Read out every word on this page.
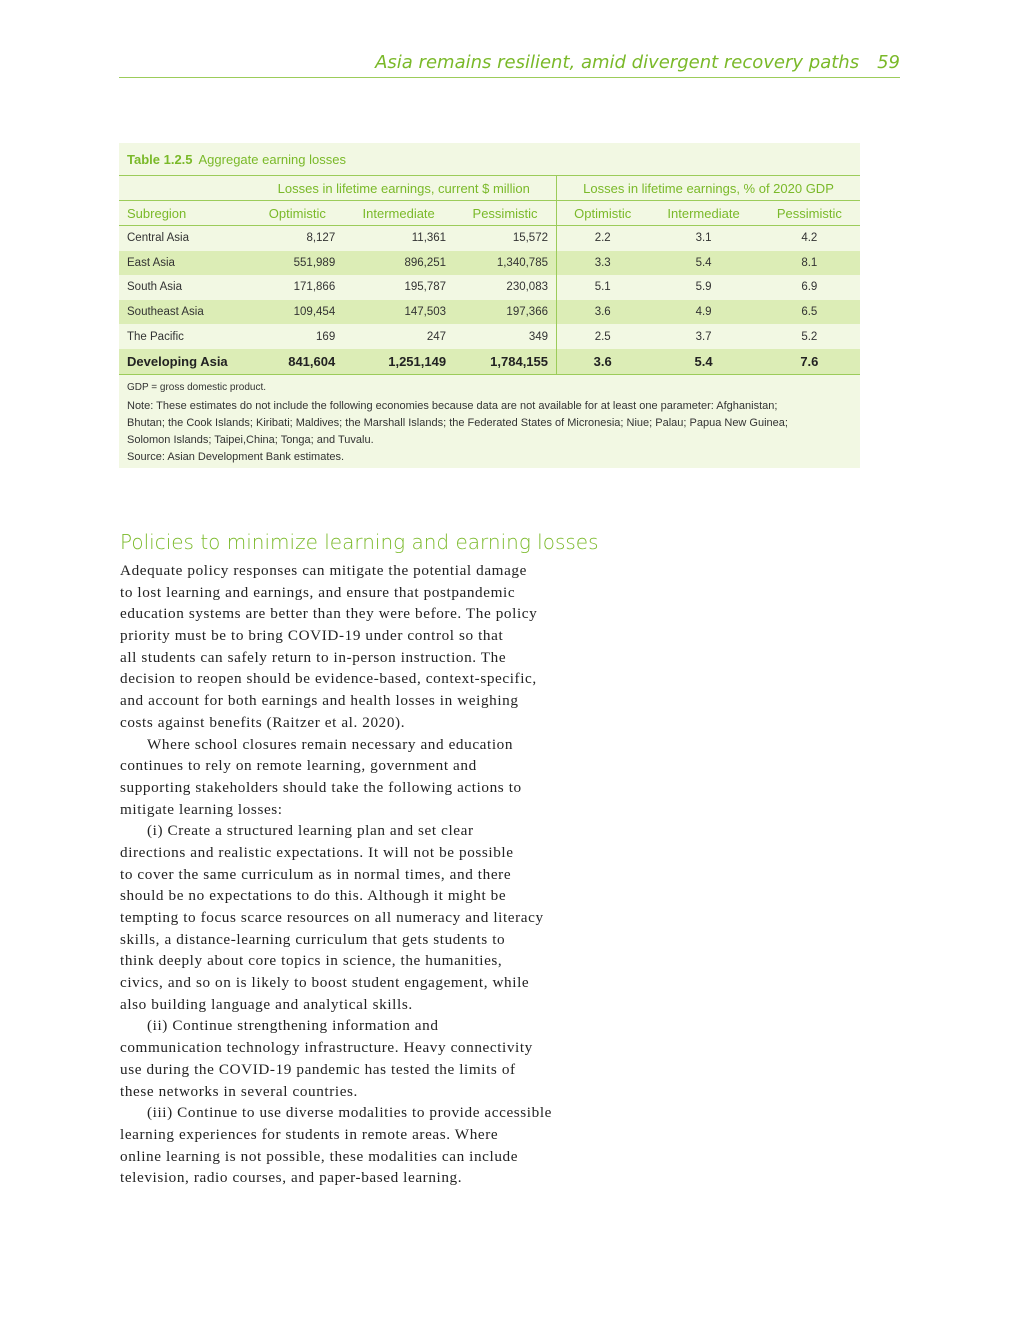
Asia remains resilient, amid divergent recovery paths 59
Table 1.2.5 Aggregate earning losses
	Losses in lifetime earnings, current $ million			Losses in lifetime earnings, % of 2020 GDP		
Subregion	Optimistic	Intermediate	Pessimistic	Optimistic	Intermediate	Pessimistic
Central Asia	8,127	11,361	15,572	2.2	3.1	4.2
East Asia	551,989	896,251	1,340,785	3.3	5.4	8.1
South Asia	171,866	195,787	230,083	5.1	5.9	6.9
Southeast Asia	109,454	147,503	197,366	3.6	4.9	6.5
The Pacific	169	247	349	2.5	3.7	5.2
Developing Asia	841,604	1,251,149	1,784,155	3.6	5.4	7.6
GDP = gross domestic product.
Note: These estimates do not include the following economies because data are not available for at least one parameter: Afghanistan;
Bhutan; the Cook Islands; Kiribati; Maldives; the Marshall Islands; the Federated States of Micronesia; Niue; Palau; Papua New Guinea;
Solomon Islands; Taipei,China; Tonga; and Tuvalu.
Source: Asian Development Bank estimates.
Policies to minimize learning and earning losses
Adequate policy responses can mitigate the potential damage
to lost learning and earnings, and ensure that postpandemic
education systems are better than they were before. The policy
priority must be to bring COVID-19 under control so that
all students can safely return to in-person instruction. The
decision to reopen should be evidence-based, context-specific,
and account for both earnings and health losses in weighing
costs against benefits (Raitzer et al. 2020).
Where school closures remain necessary and education
continues to rely on remote learning, government and
supporting stakeholders should take the following actions to
mitigate learning losses:
(i) Create a structured learning plan and set clear
directions and realistic expectations. It will not be possible
to cover the same curriculum as in normal times, and there
should be no expectations to do this. Although it might be
tempting to focus scarce resources on all numeracy and literacy
skills, a distance-learning curriculum that gets students to
think deeply about core topics in science, the humanities,
civics, and so on is likely to boost student engagement, while
also building language and analytical skills.
(ii) Continue strengthening information and
communication technology infrastructure. Heavy connectivity
use during the COVID-19 pandemic has tested the limits of
these networks in several countries.
(iii) Continue to use diverse modalities to provide accessible
learning experiences for students in remote areas. Where
online learning is not possible, these modalities can include
television, radio courses, and paper-based learning.
